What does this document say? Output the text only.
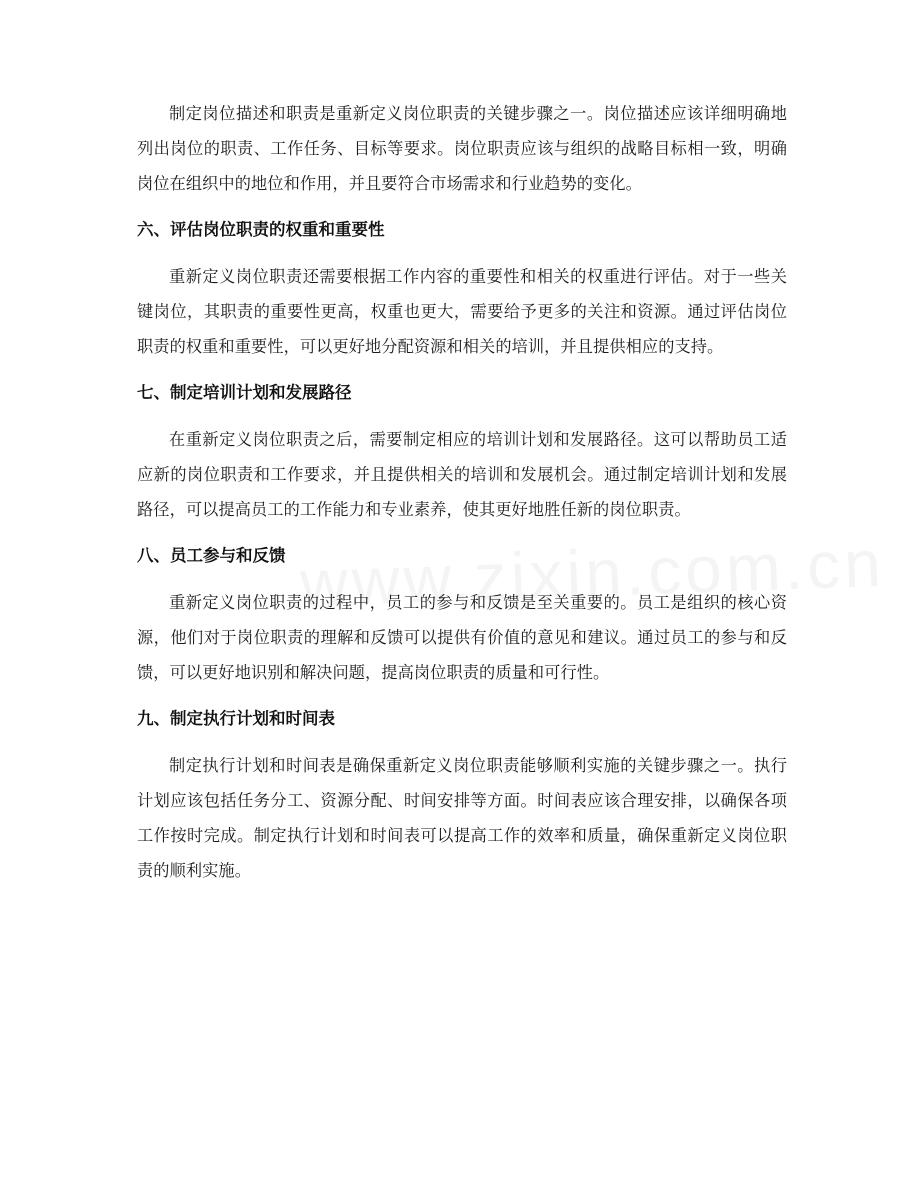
制定岗位描述和职责是重新定义岗位职责的关键步骤之一。岗位描述应该详细明确地列出岗位的职责、工作任务、目标等要求。岗位职责应该与组织的战略目标相一致，明确岗位在组织中的地位和作用，并且要符合市场需求和行业趋势的变化。

六、评估岗位职责的权重和重要性

重新定义岗位职责还需要根据工作内容的重要性和相关的权重进行评估。对于一些关键岗位，其职责的重要性更高，权重也更大，需要给予更多的关注和资源。通过评估岗位职责的权重和重要性，可以更好地分配资源和相关的培训，并且提供相应的支持。

七、制定培训计划和发展路径

在重新定义岗位职责之后，需要制定相应的培训计划和发展路径。这可以帮助员工适应新的岗位职责和工作要求，并且提供相关的培训和发展机会。通过制定培训计划和发展路径，可以提高员工的工作能力和专业素养，使其更好地胜任新的岗位职责。

八、员工参与和反馈

重新定义岗位职责的过程中，员工的参与和反馈是至关重要的。员工是组织的核心资源，他们对于岗位职责的理解和反馈可以提供有价值的意见和建议。通过员工的参与和反馈，可以更好地识别和解决问题，提高岗位职责的质量和可行性。

九、制定执行计划和时间表

制定执行计划和时间表是确保重新定义岗位职责能够顺利实施的关键步骤之一。执行计划应该包括任务分工、资源分配、时间安排等方面。时间表应该合理安排，以确保各项工作按时完成。制定执行计划和时间表可以提高工作的效率和质量，确保重新定义岗位职责的顺利实施。
